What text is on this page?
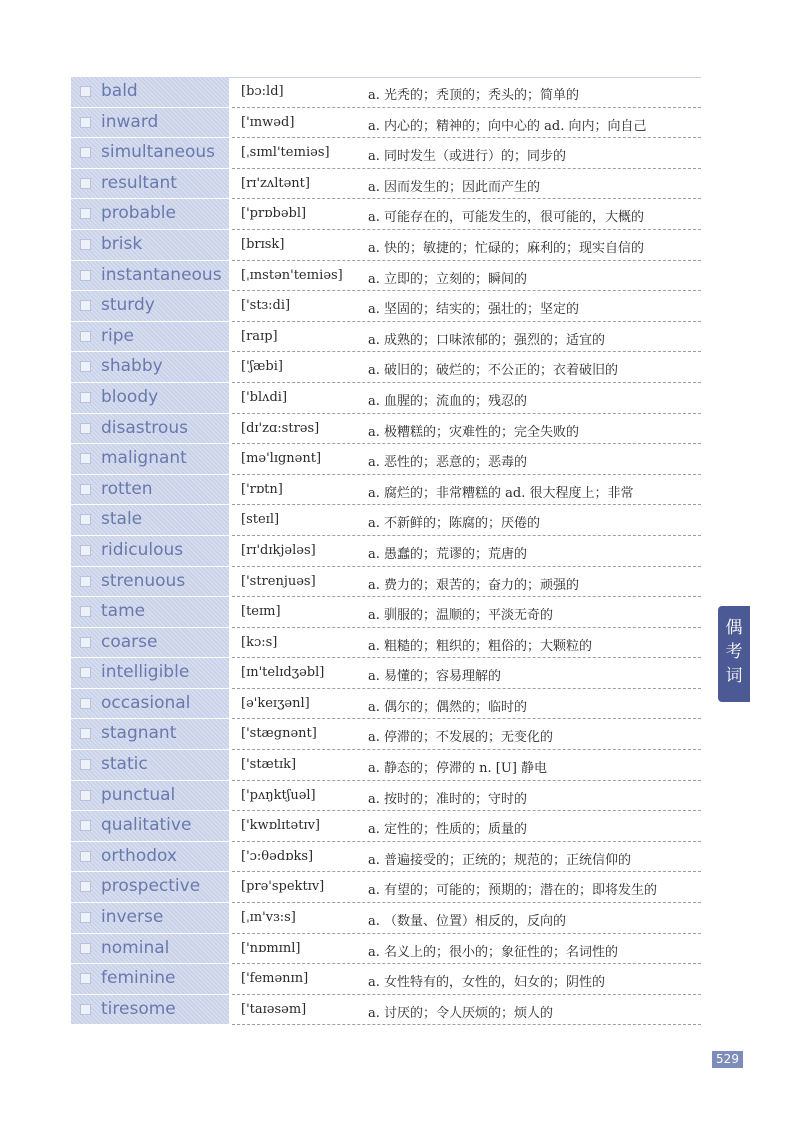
bald	[bɔ:ld]	a. 光秃的；秃顶的；秃头的；简单的
inward	['ɪnwəd]	a. 内心的；精神的；向中心的 ad. 向内；向自己
simultaneous [ˌsɪml'teɪniəs]	a. 同时发生（或进行）的；同步的
resultant	[rɪ'zʌltənt]	a. 因而发生的；因此而产生的
probable	['prɒbəbl]	a. 可能存在的，可能发生的，很可能的，大概的
brisk	[brɪsk]	a. 快的；敏捷的；忙碌的；麻利的；现实自信的
instantaneous [ˌɪnstən'teɪniəs] a. 立即的；立刻的；瞬间的
sturdy	['stɜ:di]	a. 坚固的；结实的；强壮的；坚定的
ripe	[raɪp]	a. 成熟的；口味浓郁的；强烈的；适宜的
shabby	['ʃæbi]	a. 破旧的；破烂的；不公正的；衣着破旧的
bloody	['blʌdi]	a. 血腥的；流血的；残忍的
disastrous	[dɪ'zɑ:strəs]	a. 极糟糕的；灾难性的；完全失败的
malignant	[mə'lɪgnənt]	a. 恶性的；恶意的；恶毒的
rotten	['rɒtn]	a. 腐烂的；非常糟糕的 ad. 很大程度上；非常
stale	[steɪl]	a. 不新鲜的；陈腐的；厌倦的
ridiculous	[rɪ'dɪkjələs]	a. 愚蠢的；荒谬的；荒唐的
strenuous	['strenjuəs]	a. 费力的；艰苦的；奋力的；顽强的
tame	[teɪm]	a. 驯服的；温顺的；平淡无奇的
coarse	[kɔ:s]	a. 粗糙的；粗织的；粗俗的；大颗粒的
intelligible	[ɪn'telɪdʒəbl]	a. 易懂的；容易理解的
occasional	[ə'keɪʒənl]	a. 偶尔的；偶然的；临时的
stagnant	['stægnənt]	a. 停滞的；不发展的；无变化的
static	['stætɪk]	a. 静态的；停滞的 n. [U] 静电
punctual	['pʌŋktʃuəl]	a. 按时的；准时的；守时的
qualitative	['kwɒlɪtətɪv]	a. 定性的；性质的；质量的
orthodox	['ɔ:θədɒks]	a. 普遍接受的；正统的；规范的；正统信仰的
prospective	[prə'spektɪv]	a. 有望的；可能的；预期的；潜在的；即将发生的
inverse	[ˌɪn'vɜ:s]	a. （数量、位置）相反的，反向的
nominal	['nɒmɪnl]	a. 名义上的；很小的；象征性的；名词性的
feminine	['femənɪn]	a. 女性特有的，女性的，妇女的；阴性的
tiresome	['taɪəsəm]	a. 讨厌的；令人厌烦的；烦人的
偶
考
词
529
